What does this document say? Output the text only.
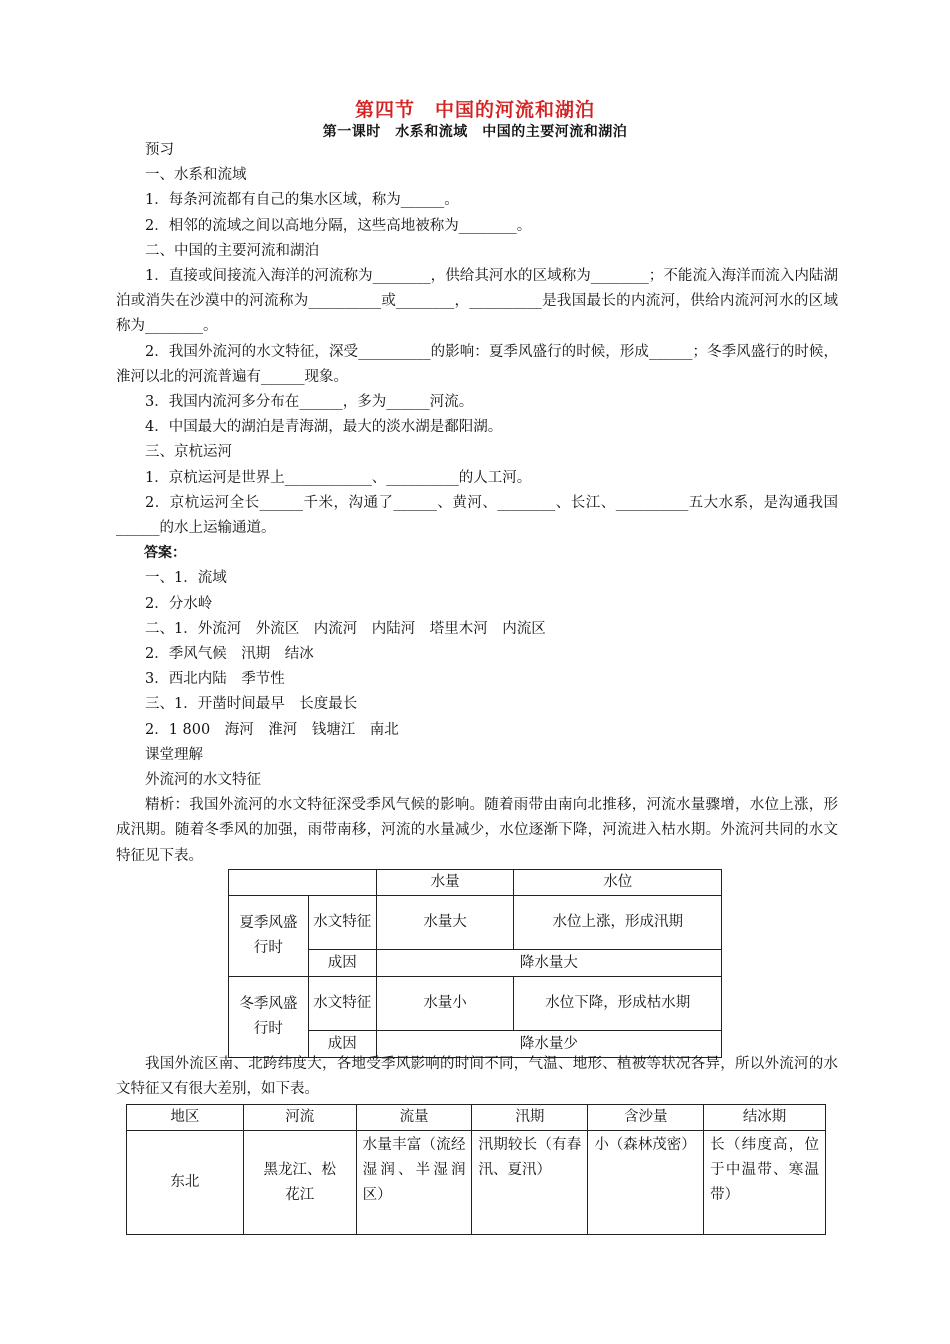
第四节　中国的河流和湖泊
第一课时　水系和流域　中国的主要河流和湖泊

预习

一、水系和流域

1．每条河流都有自己的集水区域，称为______。

2．相邻的流域之间以高地分隔，这些高地被称为________。

二、中国的主要河流和湖泊

1．直接或间接流入海洋的河流称为________，供给其河水的区域称为________；不能流入海洋而流入内陆湖泊或消失在沙漠中的河流称为__________或________，__________是我国最长的内流河，供给内流河河水的区域称为________。

2．我国外流河的水文特征，深受__________的影响：夏季风盛行的时候，形成______；冬季风盛行的时候，淮河以北的河流普遍有______现象。

3．我国内流河多分布在______，多为______河流。

4．中国最大的湖泊是青海湖，最大的淡水湖是鄱阳湖。

三、京杭运河

1．京杭运河是世界上____________、__________的人工河。

2．京杭运河全长______千米，沟通了______、黄河、________、长江、__________五大水系，是沟通我国______的水上运输通道。

答案：

一、1．流域

2．分水岭

二、1．外流河　外流区　内流河　内陆河　塔里木河　内流区

2．季风气候　汛期　结冰

3．西北内陆　季节性

三、1．开凿时间最早　长度最长

2．1 800　海河　淮河　钱塘江　南北

课堂理解

外流河的水文特征

精析：我国外流河的水文特征深受季风气候的影响。随着雨带由南向北推移，河流水量骤增，水位上涨，形成汛期。随着冬季风的加强，雨带南移，河流的水量减少，水位逐渐下降，河流进入枯水期。外流河共同的水文特征见下表。

		水量	水位
夏季风盛行时	水文特征	水量大	水位上涨，形成汛期
	成因	降水量大	
冬季风盛行时	水文特征	水量小	水位下降，形成枯水期
	成因	降水量少	

我国外流区南、北跨纬度大，各地受季风影响的时间不同，气温、地形、植被等状况各异，所以外流河的水文特征又有很大差别，如下表。

地区	河流	流量	汛期	含沙量	结冰期
东北	黑龙江、松花江	水量丰富（流经湿润、半湿润区）	汛期较长（有春汛、夏汛）	小（森林茂密）	长（纬度高，位于中温带、寒温带）
